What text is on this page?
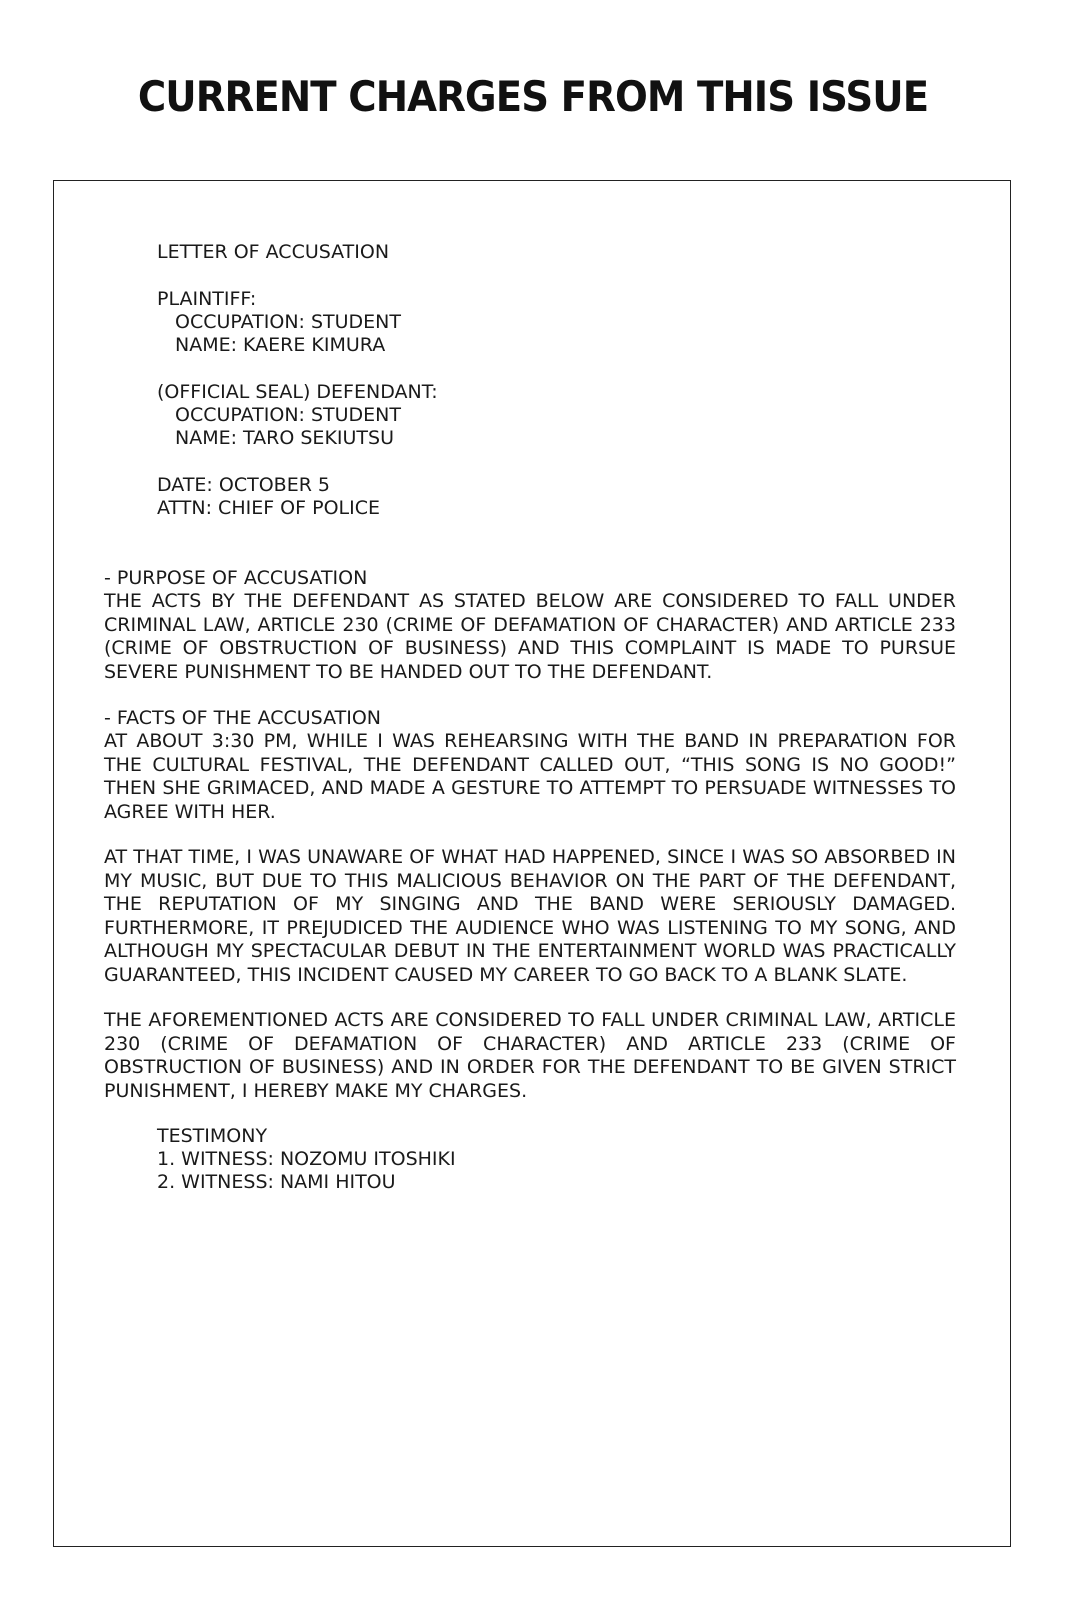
CURRENT CHARGES FROM THIS ISSUE

LETTER OF ACCUSATION

PLAINTIFF:

OCCUPATION: STUDENT

NAME: KAERE KIMURA

(OFFICIAL SEAL) DEFENDANT:

OCCUPATION: STUDENT

NAME: TARO SEKIUTSU

DATE: OCTOBER 5

ATTN: CHIEF OF POLICE

- PURPOSE OF ACCUSATION

THE ACTS BY THE DEFENDANT AS STATED BELOW ARE CONSIDERED TO FALL UNDER CRIMINAL LAW, ARTICLE 230 (CRIME OF DEFAMATION OF CHARACTER) AND ARTICLE 233 (CRIME OF OBSTRUCTION OF BUSINESS) AND THIS COMPLAINT IS MADE TO PURSUE SEVERE PUNISHMENT TO BE HANDED OUT TO THE DEFENDANT.

- FACTS OF THE ACCUSATION

AT ABOUT 3:30 PM, WHILE I WAS REHEARSING WITH THE BAND IN PREPARATION FOR THE CULTURAL FESTIVAL, THE DEFENDANT CALLED OUT, “THIS SONG IS NO GOOD!” THEN SHE GRIMACED, AND MADE A GESTURE TO ATTEMPT TO PERSUADE WITNESSES TO AGREE WITH HER.

AT THAT TIME, I WAS UNAWARE OF WHAT HAD HAPPENED, SINCE I WAS SO ABSORBED IN MY MUSIC, BUT DUE TO THIS MALICIOUS BEHAVIOR ON THE PART OF THE DEFENDANT, THE REPUTATION OF MY SINGING AND THE BAND WERE SERIOUSLY DAMAGED. FURTHERMORE, IT PREJUDICED THE AUDIENCE WHO WAS LISTENING TO MY SONG, AND ALTHOUGH MY SPECTACULAR DEBUT IN THE ENTERTAINMENT WORLD WAS PRACTICALLY GUARANTEED, THIS INCIDENT CAUSED MY CAREER TO GO BACK TO A BLANK SLATE.

THE AFOREMENTIONED ACTS ARE CONSIDERED TO FALL UNDER CRIMINAL LAW, ARTICLE 230 (CRIME OF DEFAMATION OF CHARACTER) AND ARTICLE 233 (CRIME OF OBSTRUCTION OF BUSINESS) AND IN ORDER FOR THE DEFENDANT TO BE GIVEN STRICT PUNISHMENT, I HEREBY MAKE MY CHARGES.

TESTIMONY

1. WITNESS: NOZOMU ITOSHIKI

2. WITNESS: NAMI HITOU
